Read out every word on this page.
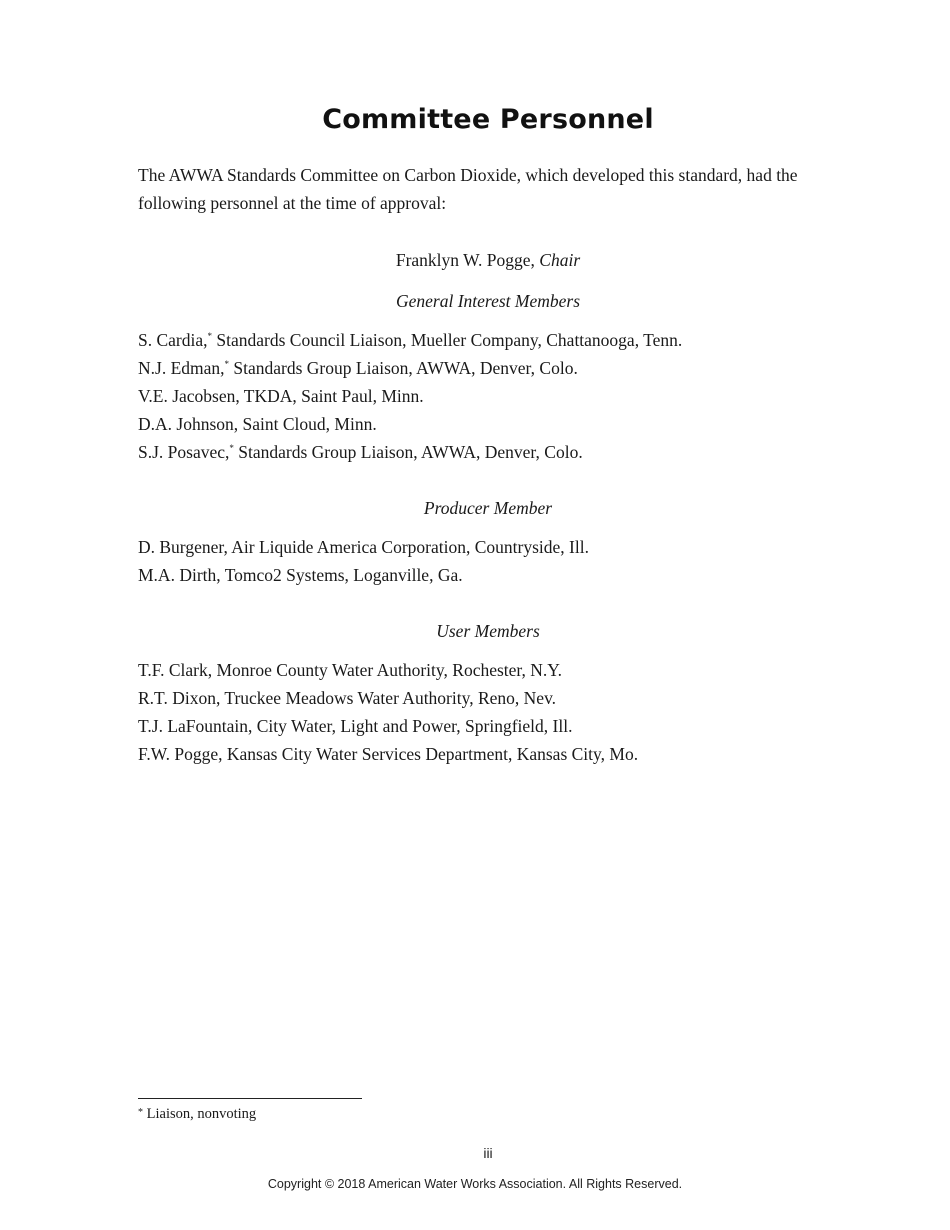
Committee Personnel

The AWWA Standards Committee on Carbon Dioxide, which developed this standard, had the following personnel at the time of approval:

Franklyn W. Pogge, Chair
General Interest Members
S. Cardia,* Standards Council Liaison, Mueller Company, Chattanooga, Tenn.
N.J. Edman,* Standards Group Liaison, AWWA, Denver, Colo.
V.E. Jacobsen, TKDA, Saint Paul, Minn.
D.A. Johnson, Saint Cloud, Minn.
S.J. Posavec,* Standards Group Liaison, AWWA, Denver, Colo.
Producer Member
D. Burgener, Air Liquide America Corporation, Countryside, Ill.
M.A. Dirth, Tomco2 Systems, Loganville, Ga.
User Members
T.F. Clark, Monroe County Water Authority, Rochester, N.Y.
R.T. Dixon, Truckee Meadows Water Authority, Reno, Nev.
T.J. LaFountain, City Water, Light and Power, Springfield, Ill.
F.W. Pogge, Kansas City Water Services Department, Kansas City, Mo.
* Liaison, nonvoting
iii
Copyright © 2018 American Water Works Association. All Rights Reserved.
